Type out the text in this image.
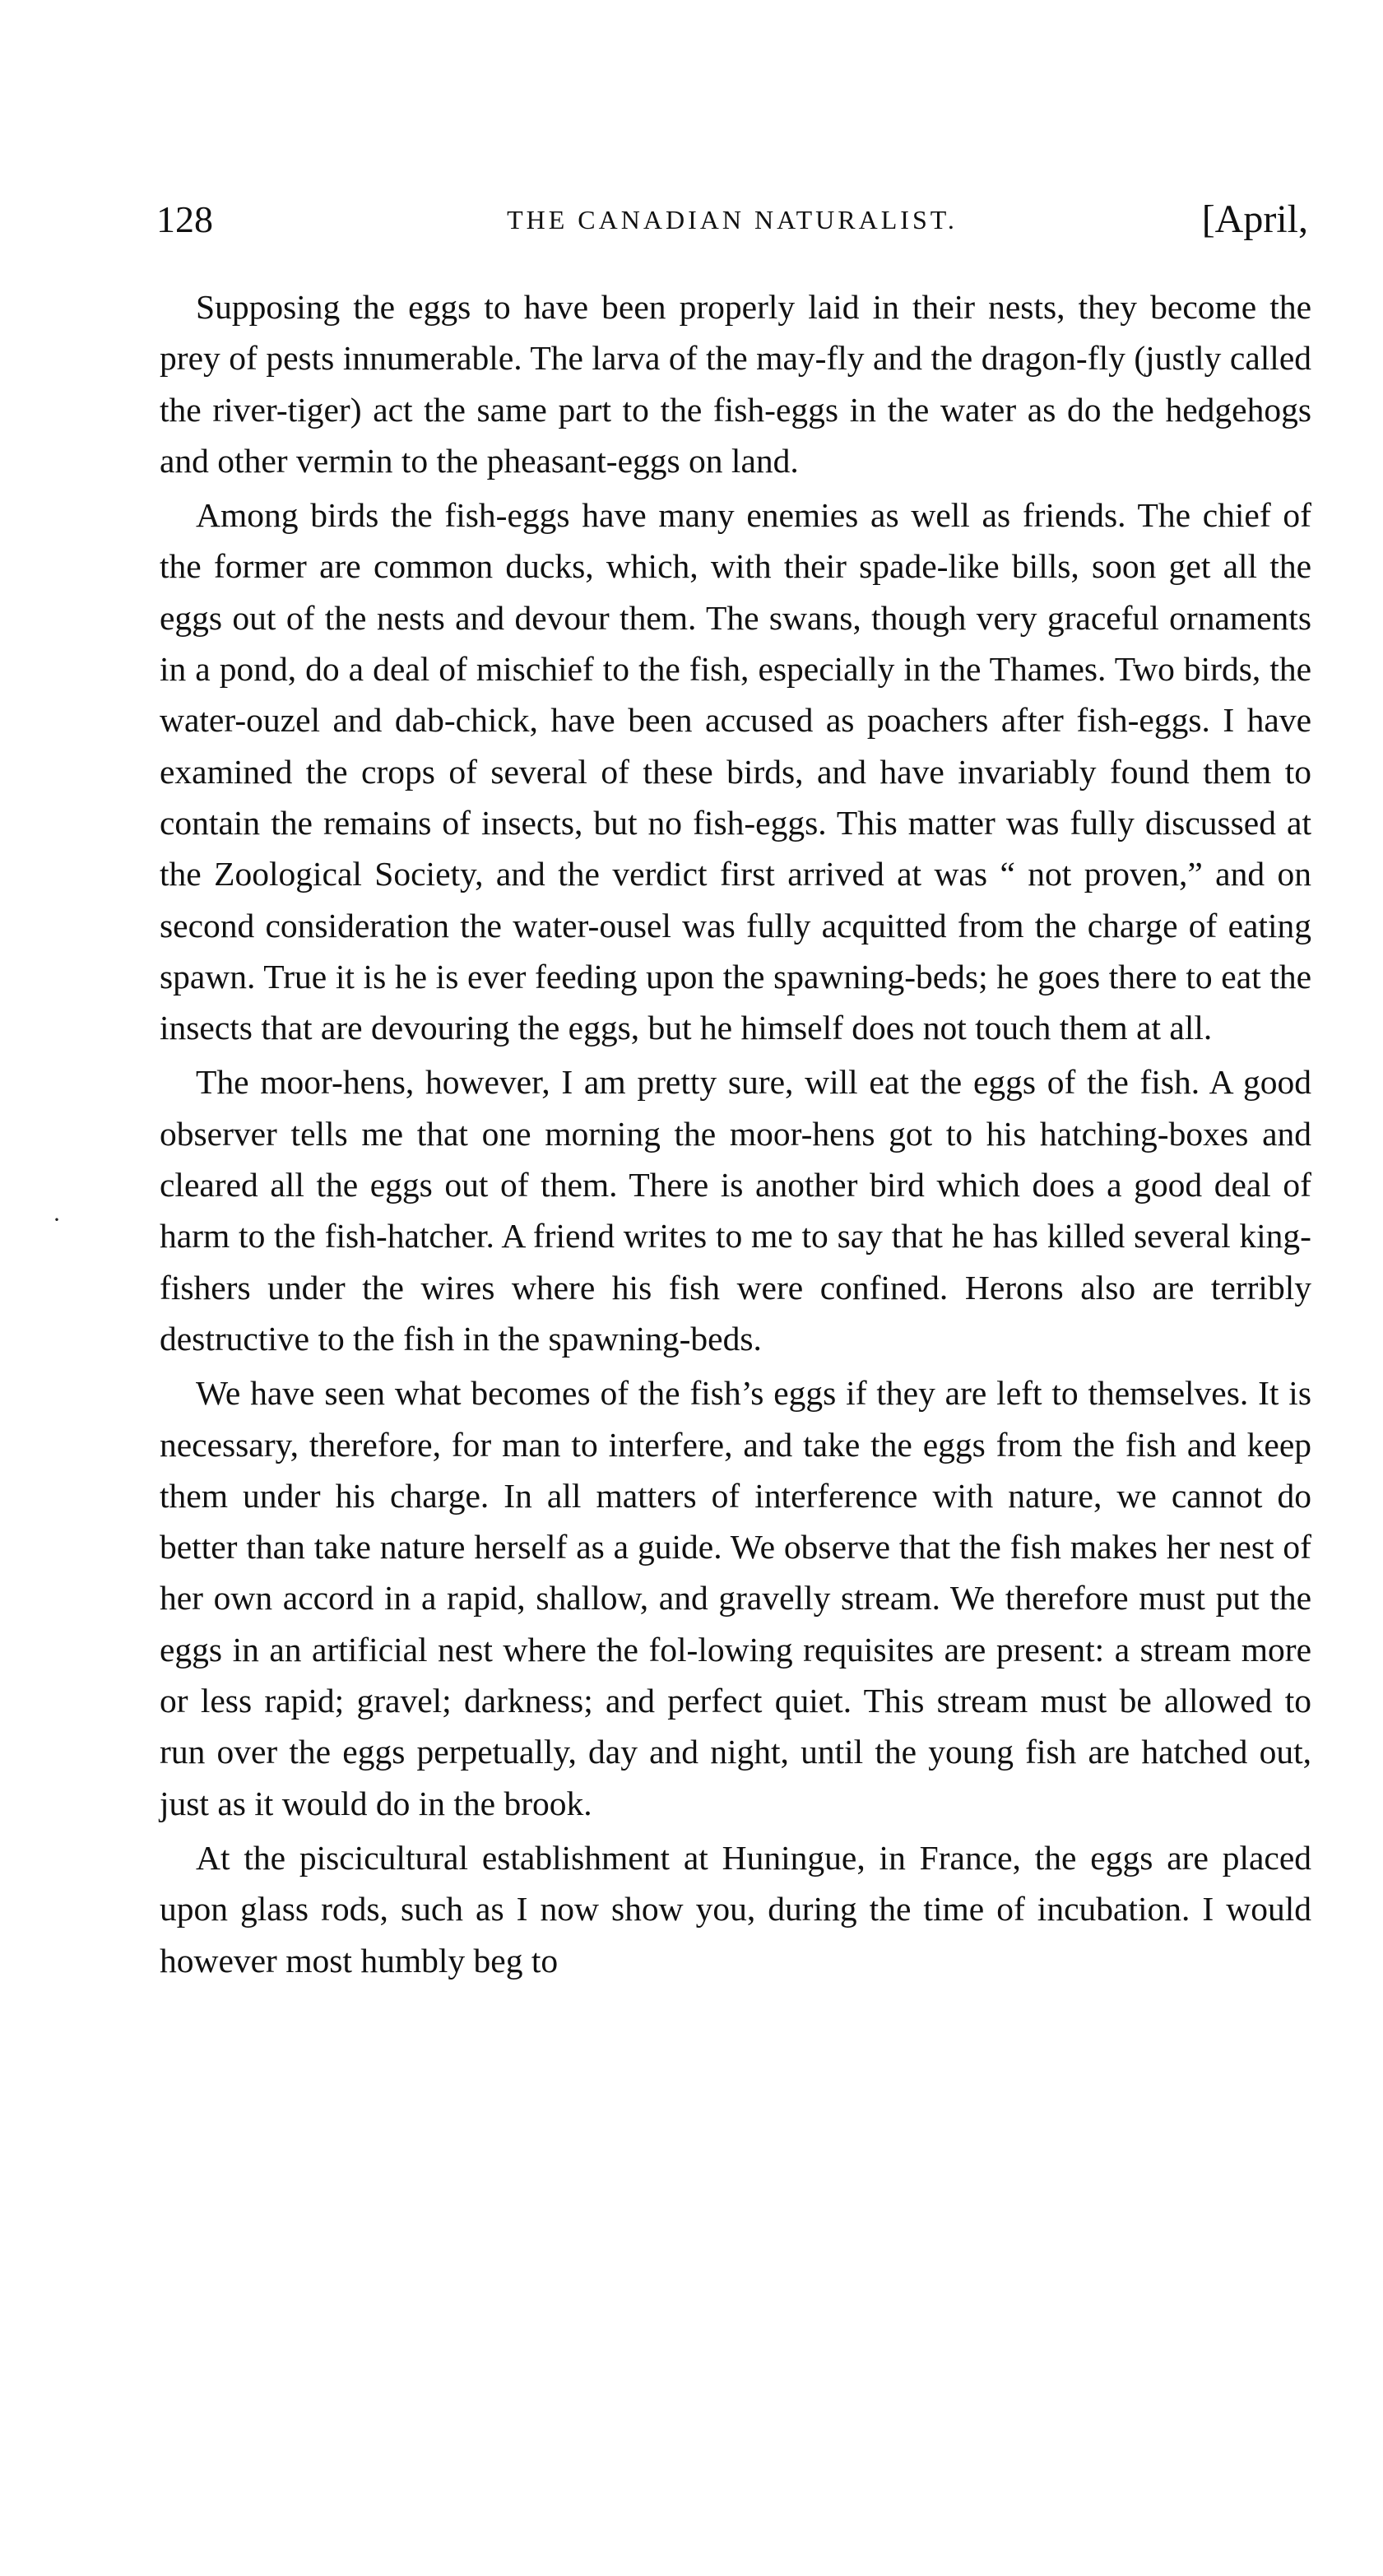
128	THE CANADIAN NATURALIST.	[April,
·

Supposing the eggs to have been properly laid in their nests, they become the prey of pests innumerable. The larva of the may-fly and the dragon-fly (justly called the river-tiger) act the same part to the fish-eggs in the water as do the hedgehogs and other vermin to the pheasant-eggs on land.

Among birds the fish-eggs have many enemies as well as friends. The chief of the former are common ducks, which, with their spade-like bills, soon get all the eggs out of the nests and devour them. The swans, though very graceful ornaments in a pond, do a deal of mischief to the fish, especially in the Thames. Two birds, the water-ouzel and dab-chick, have been accused as poachers after fish-eggs. I have examined the crops of several of these birds, and have invariably found them to contain the remains of insects, but no fish-eggs. This matter was fully discussed at the Zoological Society, and the verdict first arrived at was “ not proven,” and on second consideration the water-ousel was fully acquitted from the charge of eating spawn. True it is he is ever feeding upon the spawning-beds; he goes there to eat the insects that are devouring the eggs, but he himself does not touch them at all.

The moor-hens, however, I am pretty sure, will eat the eggs of the fish. A good observer tells me that one morning the moor-hens got to his hatching-boxes and cleared all the eggs out of them. There is another bird which does a good deal of harm to the fish-hatcher. A friend writes to me to say that he has killed several king-fishers under the wires where his fish were confined. Herons also are terribly destructive to the fish in the spawning-beds.

We have seen what becomes of the fish’s eggs if they are left to themselves. It is necessary, therefore, for man to interfere, and take the eggs from the fish and keep them under his charge. In all matters of interference with nature, we cannot do better than take nature herself as a guide. We observe that the fish makes her nest of her own accord in a rapid, shallow, and gravelly stream. We therefore must put the eggs in an artificial nest where the fol-lowing requisites are present: a stream more or less rapid; gravel; darkness; and perfect quiet. This stream must be allowed to run over the eggs perpetually, day and night, until the young fish are hatched out, just as it would do in the brook.

At the piscicultural establishment at Huningue, in France, the eggs are placed upon glass rods, such as I now show you, during the time of incubation. I would however most humbly beg to
